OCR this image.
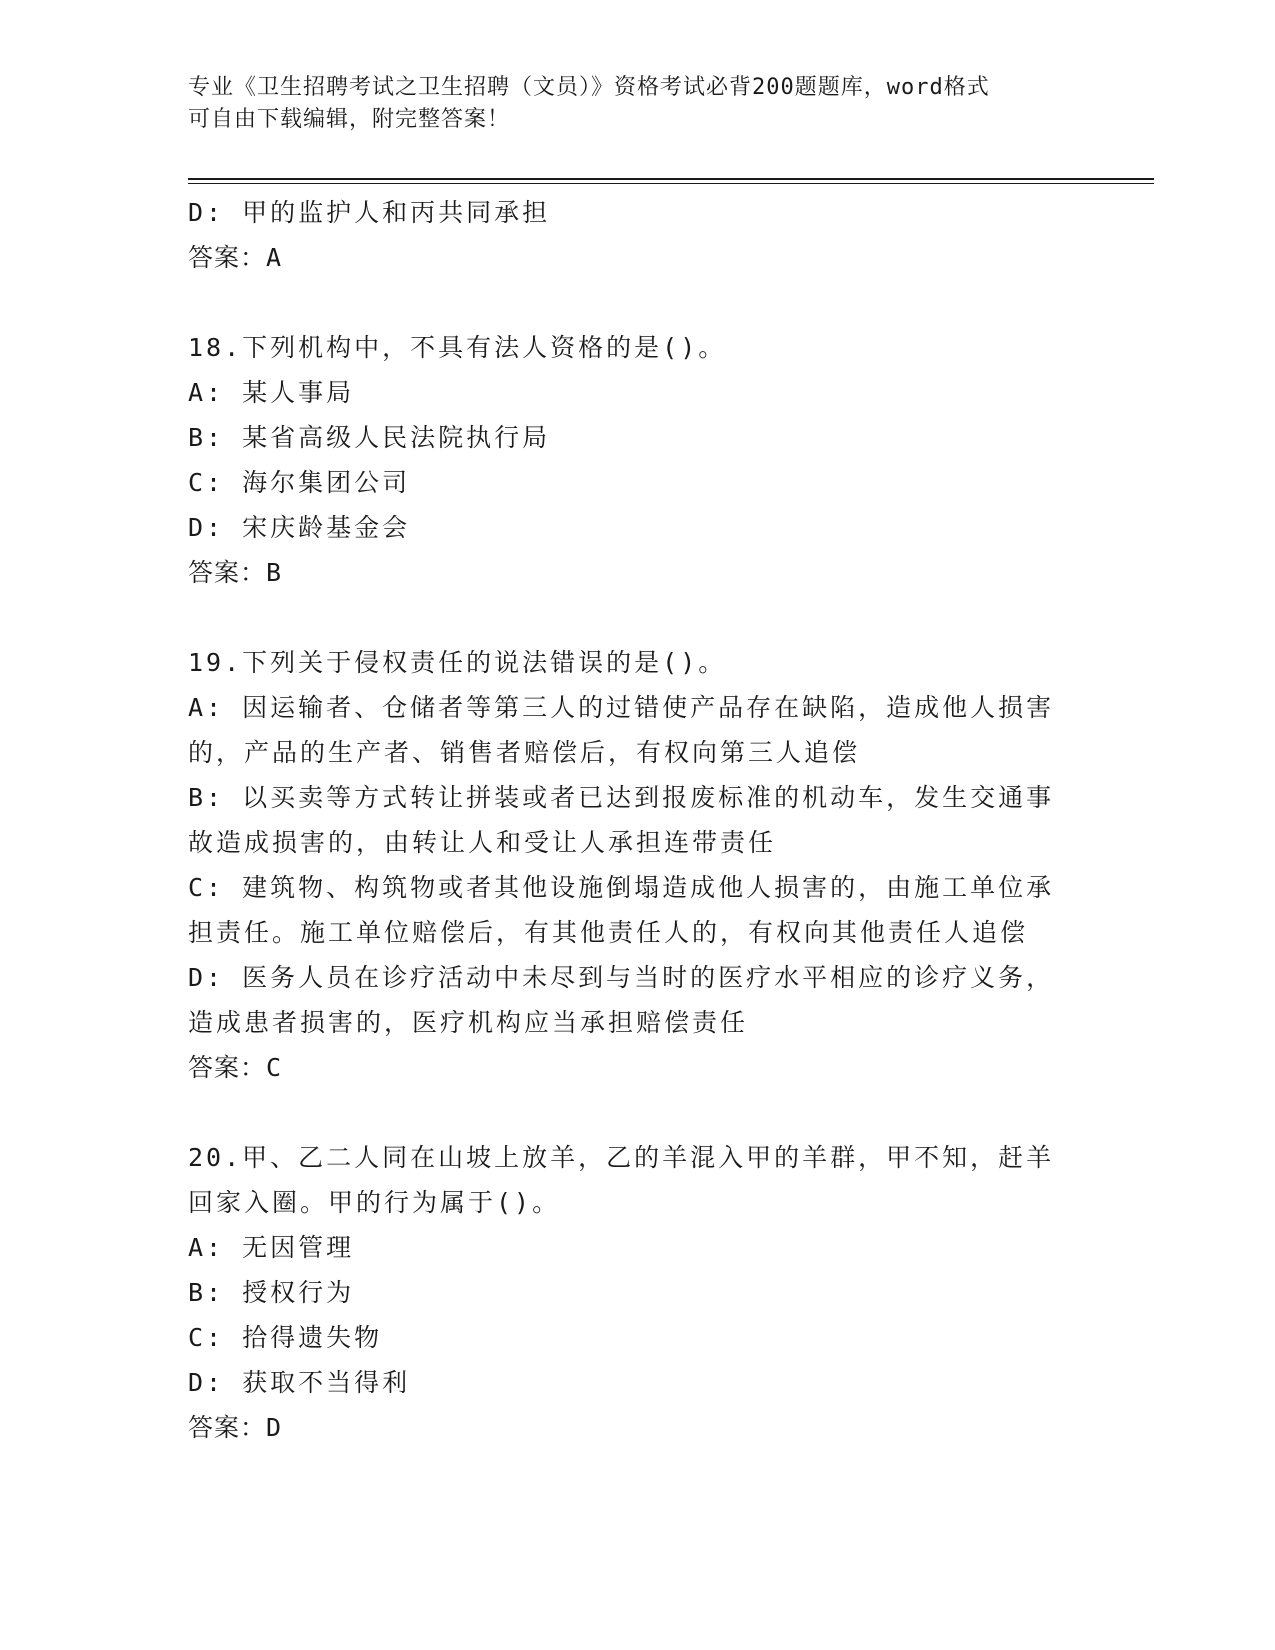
专业《卫生招聘考试之卫生招聘（文员）》资格考试必背200题题库，word格式
可自由下载编辑，附完整答案！
D: 甲的监护人和丙共同承担
答案：A
18.下列机构中，不具有法人资格的是()。
A: 某人事局
B: 某省高级人民法院执行局
C: 海尔集团公司
D: 宋庆龄基金会
答案：B
19.下列关于侵权责任的说法错误的是()。
A: 因运输者、仓储者等第三人的过错使产品存在缺陷，造成他人损害
的，产品的生产者、销售者赔偿后，有权向第三人追偿
B: 以买卖等方式转让拼装或者已达到报废标准的机动车，发生交通事
故造成损害的，由转让人和受让人承担连带责任
C: 建筑物、构筑物或者其他设施倒塌造成他人损害的，由施工单位承
担责任。施工单位赔偿后，有其他责任人的，有权向其他责任人追偿
D: 医务人员在诊疗活动中未尽到与当时的医疗水平相应的诊疗义务，
造成患者损害的，医疗机构应当承担赔偿责任
答案：C
20.甲、乙二人同在山坡上放羊，乙的羊混入甲的羊群，甲不知，赶羊
回家入圈。甲的行为属于()。
A: 无因管理
B: 授权行为
C: 拾得遗失物
D: 获取不当得利
答案：D
